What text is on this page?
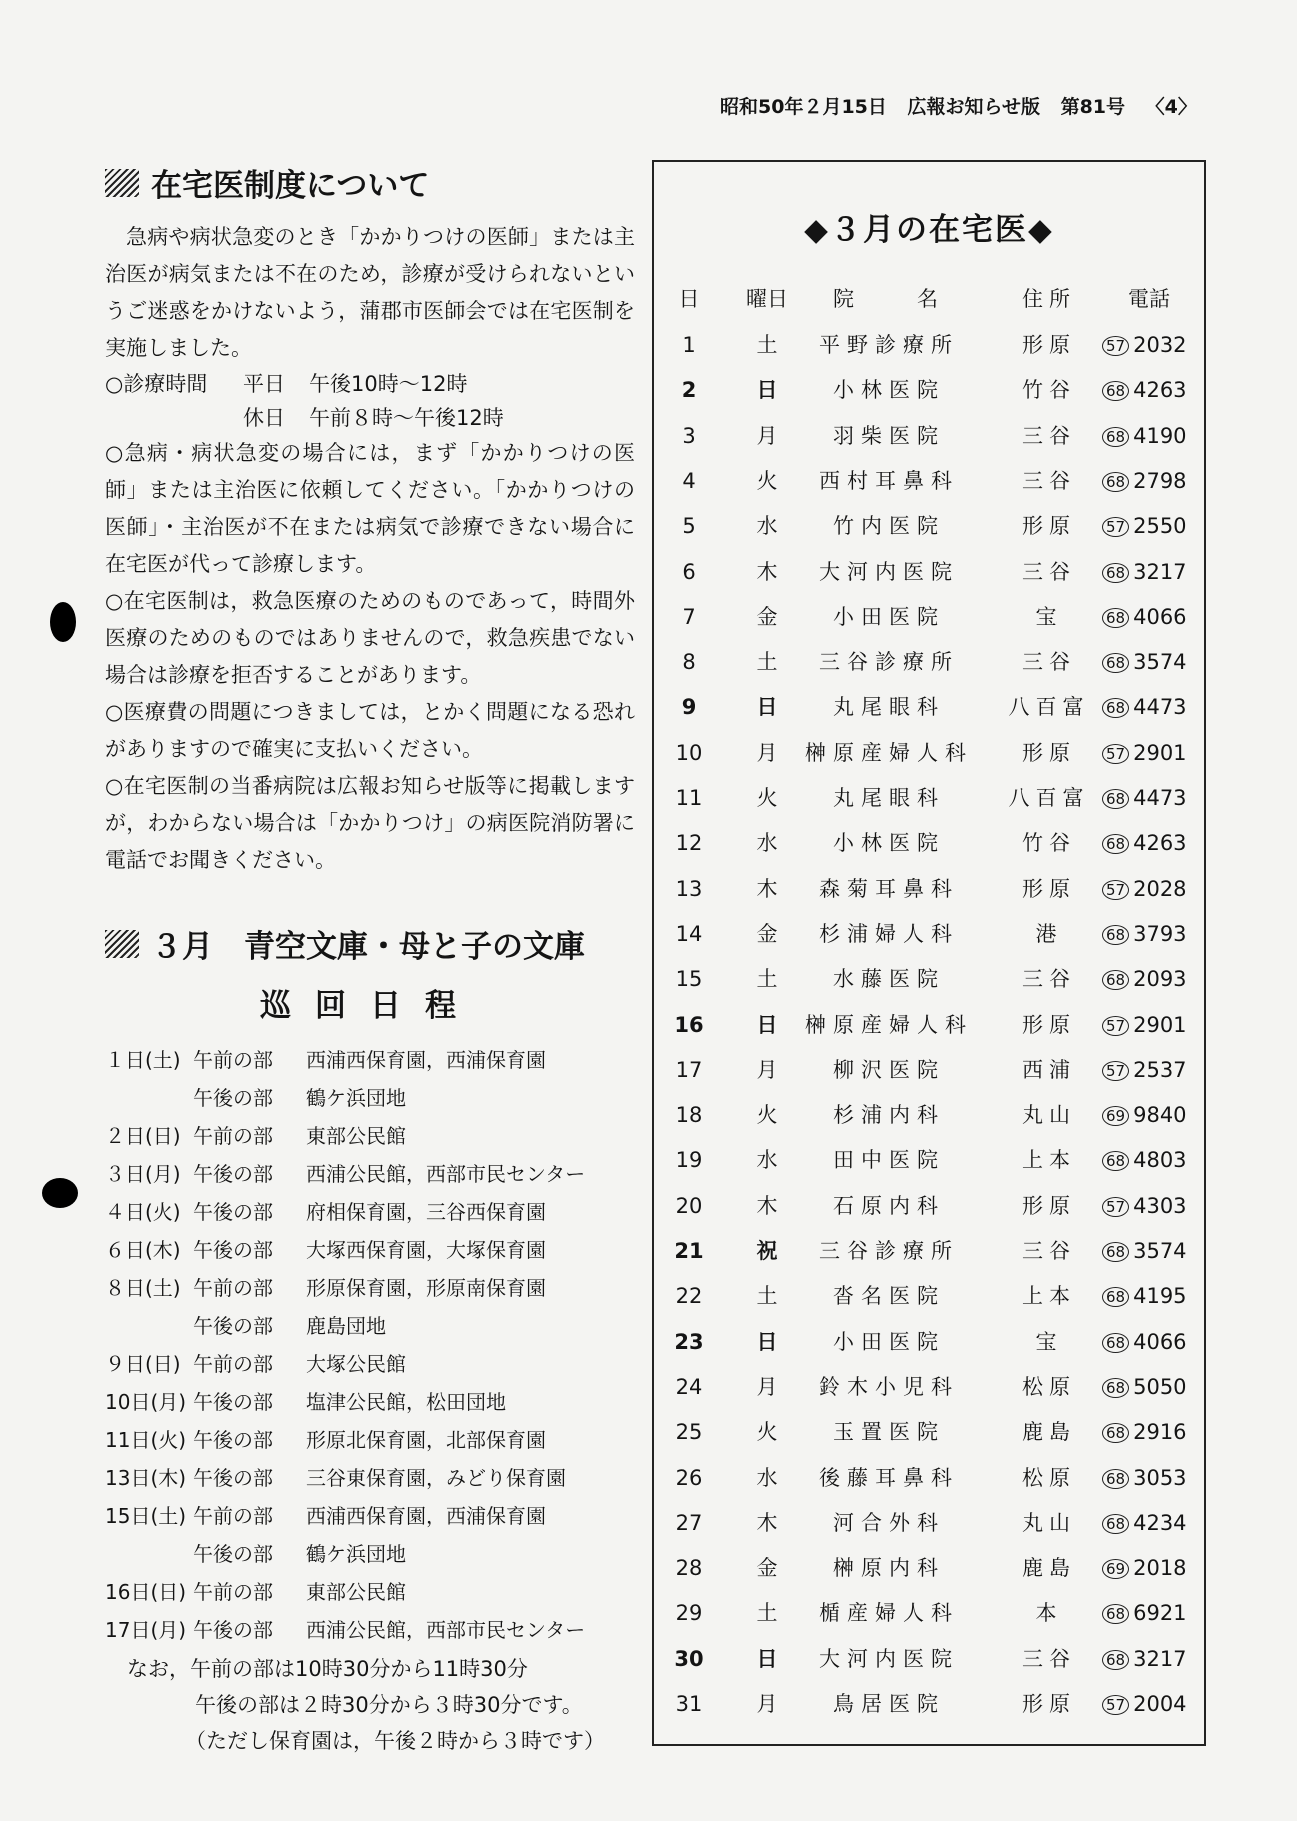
昭和50年２月15日 広報お知らせ版 第81号 〈4〉
在宅医制度について

急病や病状急変のとき「かかりつけの医師」または主治医が病気または不在のため，診療が受けられないというご迷惑をかけないよう，蒲郡市医師会では在宅医制を実施しました。

○診療時間	平日	午後10時〜12時
休日	午前８時〜午後12時

○急病・病状急変の場合には，まず「かかりつけの医師」または主治医に依頼してください。「かかりつけの医師」・主治医が不在または病気で診療できない場合に在宅医が代って診療します。

○在宅医制は，救急医療のためのものであって，時間外医療のためのものではありませんので，救急疾患でない場合は診療を拒否することがあります。

○医療費の問題につきましては，とかく問題になる恐れがありますので確実に支払いください。

○在宅医制の当番病院は広報お知らせ版等に掲載しますが，わからない場合は「かかりつけ」の病医院消防署に電話でお聞きください。

３月　青空文庫・母と子の文庫
巡回日程
１日(土) 午前の部	西浦西保育園，西浦保育園
午後の部	鶴ケ浜団地
２日(日) 午前の部	東部公民館
３日(月) 午後の部	西浦公民館，西部市民センター
４日(火) 午後の部	府相保育園，三谷西保育園
６日(木) 午後の部	大塚西保育園，大塚保育園
８日(土) 午前の部	形原保育園，形原南保育園
午後の部	鹿島団地
９日(日) 午前の部	大塚公民館
10日(月) 午後の部	塩津公民館，松田団地
11日(火) 午後の部	形原北保育園，北部保育園
13日(木) 午後の部	三谷東保育園，みどり保育園
15日(土) 午前の部	西浦西保育園，西浦保育園
午後の部	鶴ケ浜団地
16日(日) 午前の部	東部公民館
17日(月) 午後の部	西浦公民館，西部市民センター
なお，午前の部は10時30分から11時30分
午後の部は２時30分から３時30分です。
（ただし保育園は，午後２時から３時です）
◆３月の在宅医◆
日	曜日	院　　名	住所	電話
1	土	平野診療所	形原	57 2032
2	日	小林医院	竹谷	68 4263
3	月	羽柴医院	三谷	68 4190
4	火	西村耳鼻科	三谷	68 2798
5	水	竹内医院	形原	57 2550
6	木	大河内医院	三谷	68 3217
7	金	小田医院	宝	68 4066
8	土	三谷診療所	三谷	68 3574
9	日	丸尾眼科	八百富	68 4473
10	月	榊原産婦人科	形原	57 2901
11	火	丸尾眼科	八百富	68 4473
12	水	小林医院	竹谷	68 4263
13	木	森菊耳鼻科	形原	57 2028
14	金	杉浦婦人科	港	68 3793
15	土	水藤医院	三谷	68 2093
16	日	榊原産婦人科	形原	57 2901
17	月	柳沢医院	西浦	57 2537
18	火	杉浦内科	丸山	69 9840
19	水	田中医院	上本	68 4803
20	木	石原内科	形原	57 4303
21	祝	三谷診療所	三谷	68 3574
22	土	沓名医院	上本	68 4195
23	日	小田医院	宝	68 4066
24	月	鈴木小児科	松原	68 5050
25	火	玉置医院	鹿島	68 2916
26	水	後藤耳鼻科	松原	68 3053
27	木	河合外科	丸山	68 4234
28	金	榊原内科	鹿島	69 2018
29	土	楯産婦人科	本	68 6921
30	日	大河内医院	三谷	68 3217
31	月	鳥居医院	形原	57 2004
